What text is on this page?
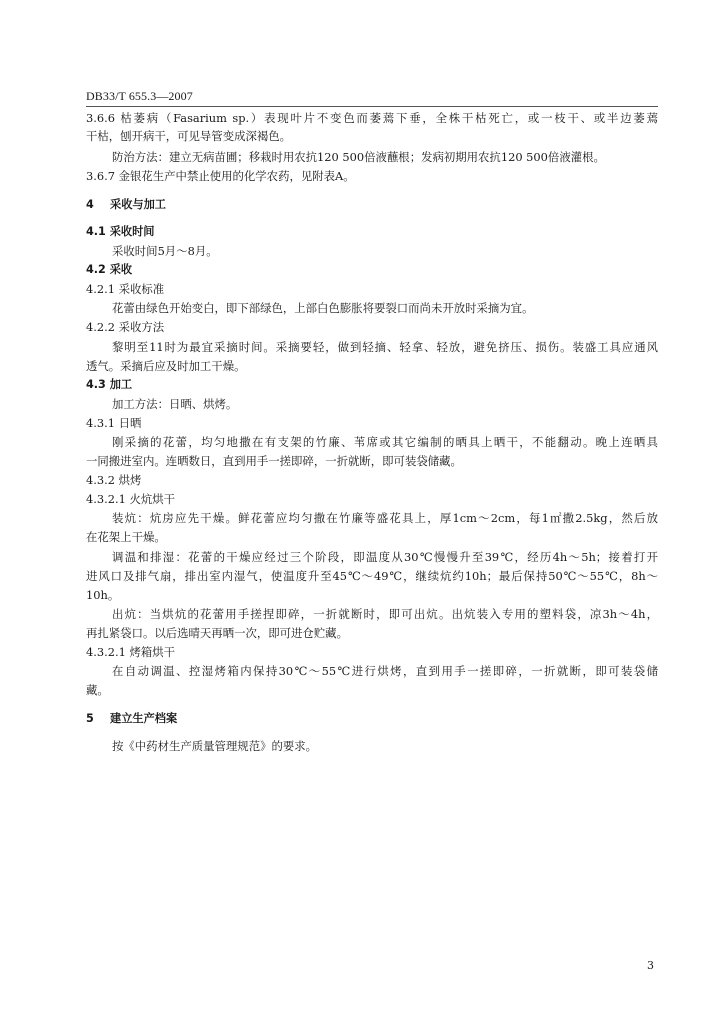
DB33/T 655.3—2007
3.6.6 枯萎病（Fasarium sp.）表现叶片不变色而萎蔫下垂，全株干枯死亡，或一枝干、或半边萎蔫
干枯，刨开病干，可见导管变成深褐色。
防治方法：建立无病苗圃；移栽时用农抗120 500倍液蘸根；发病初期用农抗120 500倍液灌根。
3.6.7 金银花生产中禁止使用的化学农药，见附表A。
4 采收与加工
4.1 采收时间
采收时间5月～8月。
4.2 采收
4.2.1 采收标准
花蕾由绿色开始变白，即下部绿色，上部白色膨胀将要裂口而尚未开放时采摘为宜。
4.2.2 采收方法
黎明至11时为最宜采摘时间。采摘要轻，做到轻摘、轻拿、轻放，避免挤压、损伤。装盛工具应通风
透气。采摘后应及时加工干燥。
4.3 加工
加工方法：日晒、烘烤。
4.3.1 日晒
刚采摘的花蕾，均匀地撒在有支架的竹廉、苇席或其它编制的晒具上晒干，不能翻动。晚上连晒具
一同搬进室内。连晒数日，直到用手一搓即碎，一折就断，即可装袋储藏。
4.3.2 烘烤
4.3.2.1 火炕烘干
装炕：炕房应先干燥。鲜花蕾应均匀撒在竹廉等盛花具上，厚1cm～2cm，每1㎡撒2.5kg，然后放
在花架上干燥。
调温和排湿：花蕾的干燥应经过三个阶段，即温度从30℃慢慢升至39℃，经历4h～5h；接着打开
进风口及排气扇，排出室内湿气，使温度升至45℃～49℃，继续炕约10h；最后保持50℃～55℃，8h～
10h。
出炕：当烘炕的花蕾用手搓捏即碎，一折就断时，即可出炕。出炕装入专用的塑料袋，凉3h～4h，
再扎紧袋口。以后选晴天再晒一次，即可进仓贮藏。
4.3.2.1 烤箱烘干
在自动调温、控湿烤箱内保持30℃～55℃进行烘烤，直到用手一搓即碎，一折就断，即可装袋储
藏。
5 建立生产档案
按《中药材生产质量管理规范》的要求。
3
